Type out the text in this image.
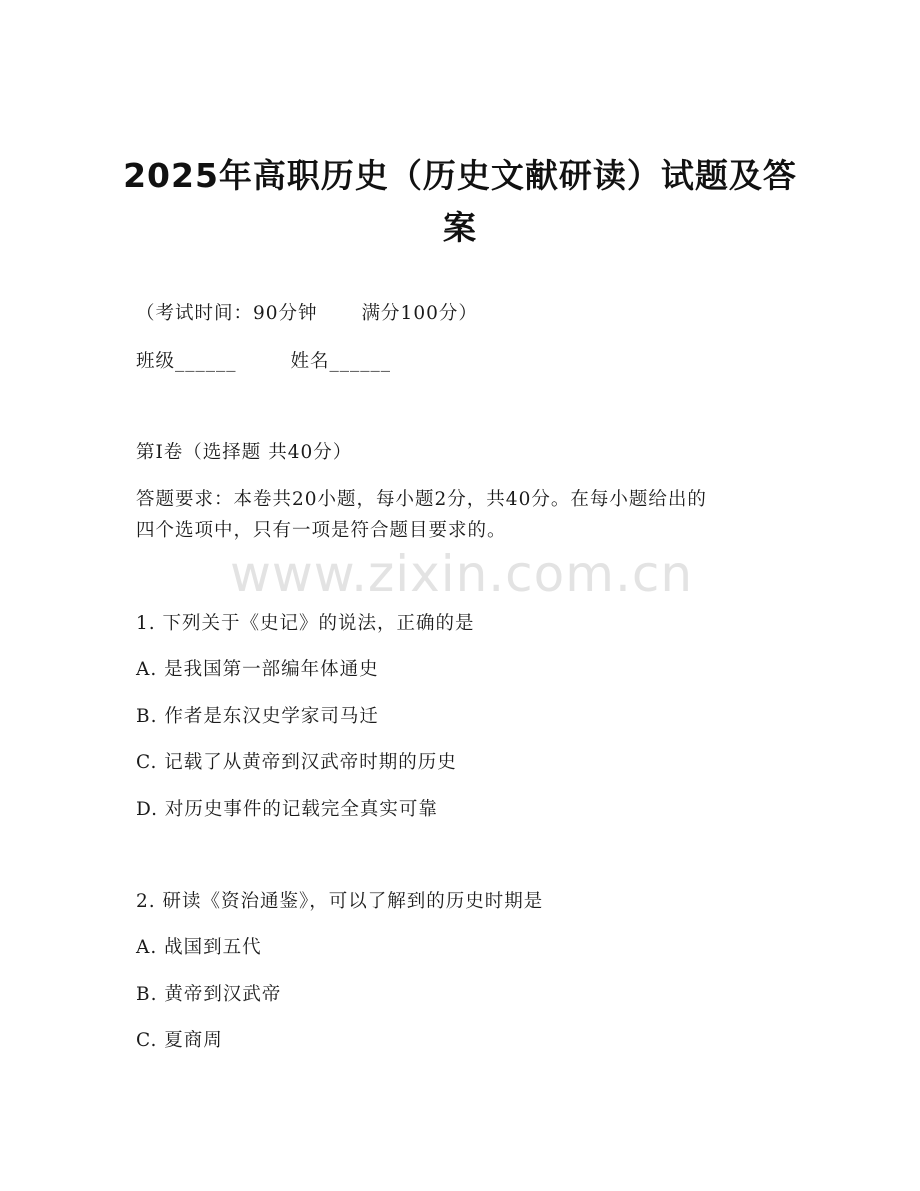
2025年高职历史（历史文献研读）试题及答
案
（考试时间：90分钟 满分100分）
班级______	姓名______
第Ⅰ卷（选择题 共40分）
答题要求：本卷共20小题，每小题2分，共40分。在每小题给出的
四个选项中，只有一项是符合题目要求的。
www.zixin.com.cn
1. 下列关于《史记》的说法，正确的是
A. 是我国第一部编年体通史
B. 作者是东汉史学家司马迁
C. 记载了从黄帝到汉武帝时期的历史
D. 对历史事件的记载完全真实可靠
2. 研读《资治通鉴》，可以了解到的历史时期是
A. 战国到五代
B. 黄帝到汉武帝
C. 夏商周
